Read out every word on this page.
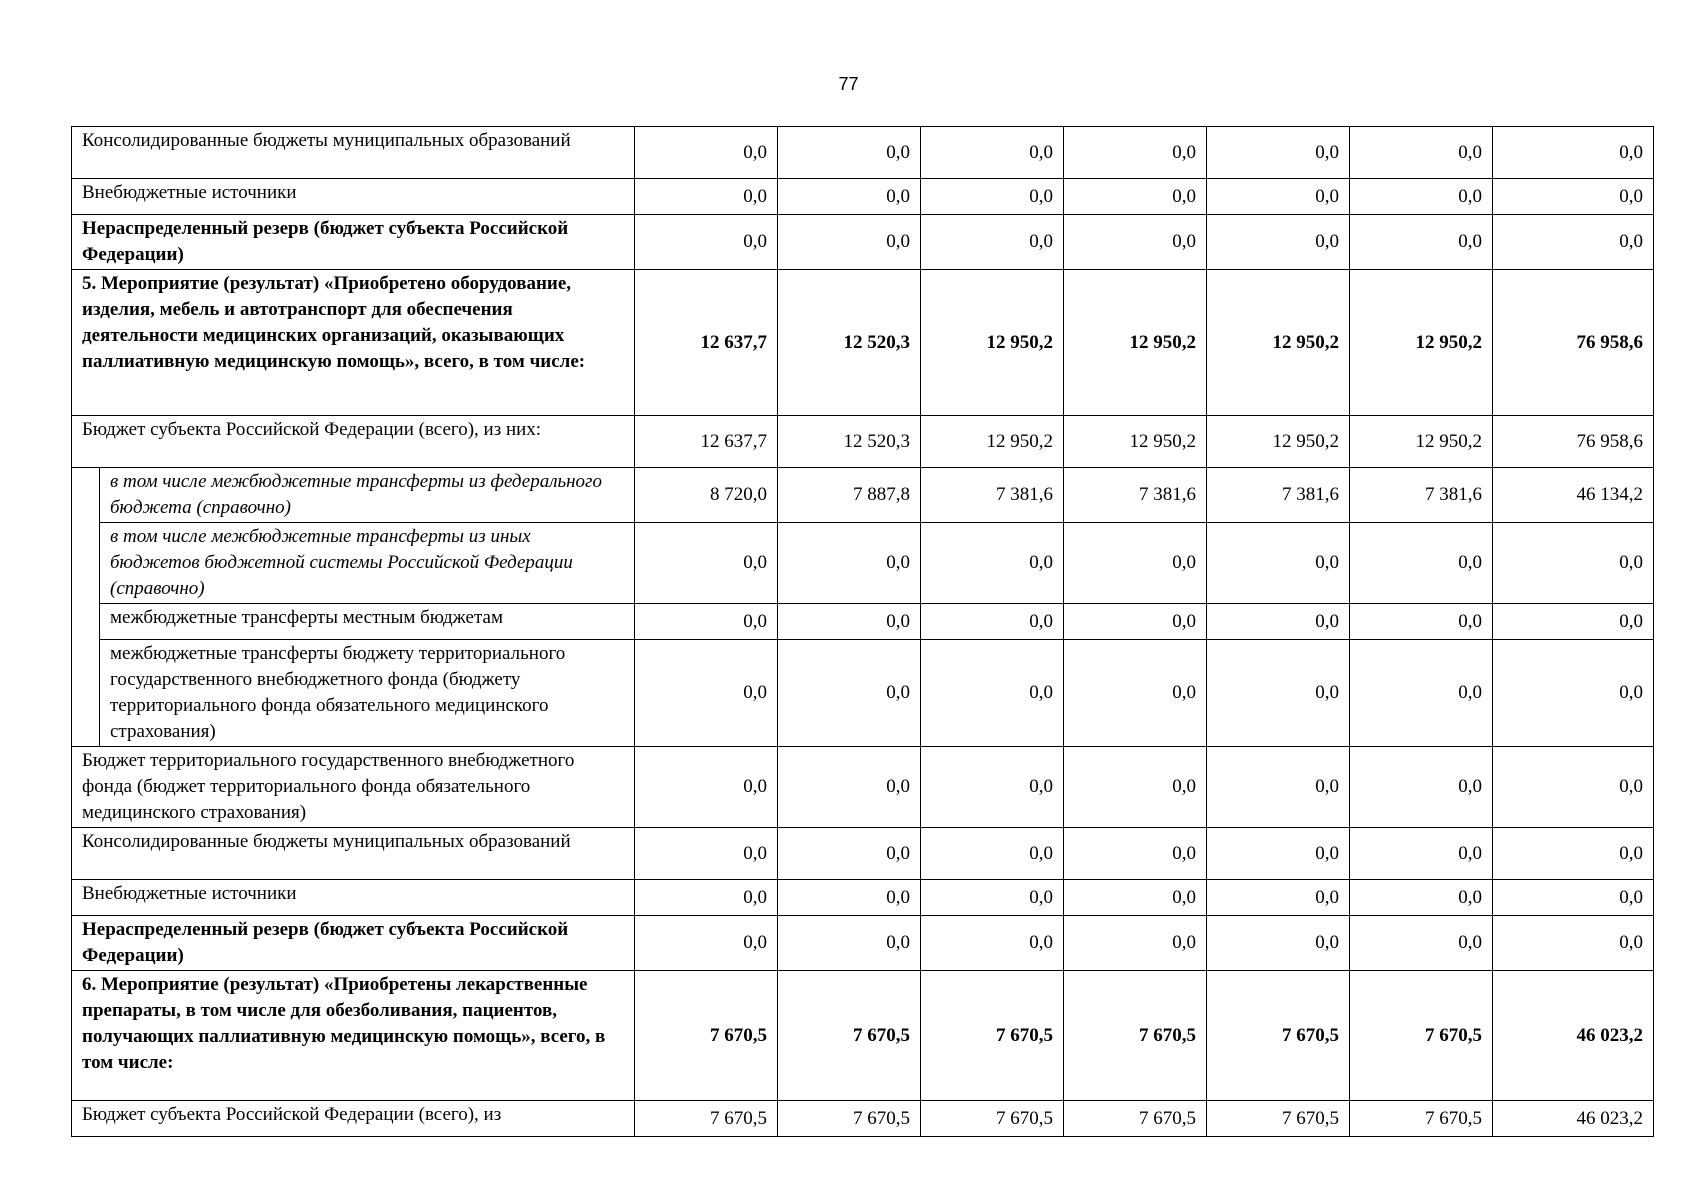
77
Консолидированные бюджеты муниципальных образований		0,0	0,0	0,0	0,0	0,0	0,0	0,0
Внебюджетные источники		0,0	0,0	0,0	0,0	0,0	0,0	0,0
Нераспределенный резерв (бюджет субъекта Российской Федерации)		0,0	0,0	0,0	0,0	0,0	0,0	0,0
5. Мероприятие (результат) «Приобретено оборудование, изделия, мебель и автотранспорт для обеспечения деятельности медицинских организаций, оказывающих паллиативную медицинскую помощь», всего, в том числе:		12 637,7	12 520,3	12 950,2	12 950,2	12 950,2	12 950,2	76 958,6
Бюджет субъекта Российской Федерации (всего), из них:		12 637,7	12 520,3	12 950,2	12 950,2	12 950,2	12 950,2	76 958,6
	в том числе межбюджетные трансферты из федерального бюджета (справочно)	8 720,0	7 887,8	7 381,6	7 381,6	7 381,6	7 381,6	46 134,2
	в том числе межбюджетные трансферты из иных бюджетов бюджетной системы Российской Федерации (справочно)	0,0	0,0	0,0	0,0	0,0	0,0	0,0
	межбюджетные трансферты местным бюджетам	0,0	0,0	0,0	0,0	0,0	0,0	0,0
	межбюджетные трансферты бюджету территориального государственного внебюджетного фонда (бюджету территориального фонда обязательного медицинского страхования)	0,0	0,0	0,0	0,0	0,0	0,0	0,0
Бюджет территориального государственного внебюджетного фонда (бюджет территориального фонда обязательного медицинского страхования)		0,0	0,0	0,0	0,0	0,0	0,0	0,0
Консолидированные бюджеты муниципальных образований		0,0	0,0	0,0	0,0	0,0	0,0	0,0
Внебюджетные источники		0,0	0,0	0,0	0,0	0,0	0,0	0,0
Нераспределенный резерв (бюджет субъекта Российской Федерации)		0,0	0,0	0,0	0,0	0,0	0,0	0,0
6. Мероприятие (результат) «Приобретены лекарственные препараты, в том числе для обезболивания, пациентов, получающих паллиативную медицинскую помощь», всего, в том числе:		7 670,5	7 670,5	7 670,5	7 670,5	7 670,5	7 670,5	46 023,2
Бюджет субъекта Российской Федерации (всего), из		7 670,5	7 670,5	7 670,5	7 670,5	7 670,5	7 670,5	46 023,2
